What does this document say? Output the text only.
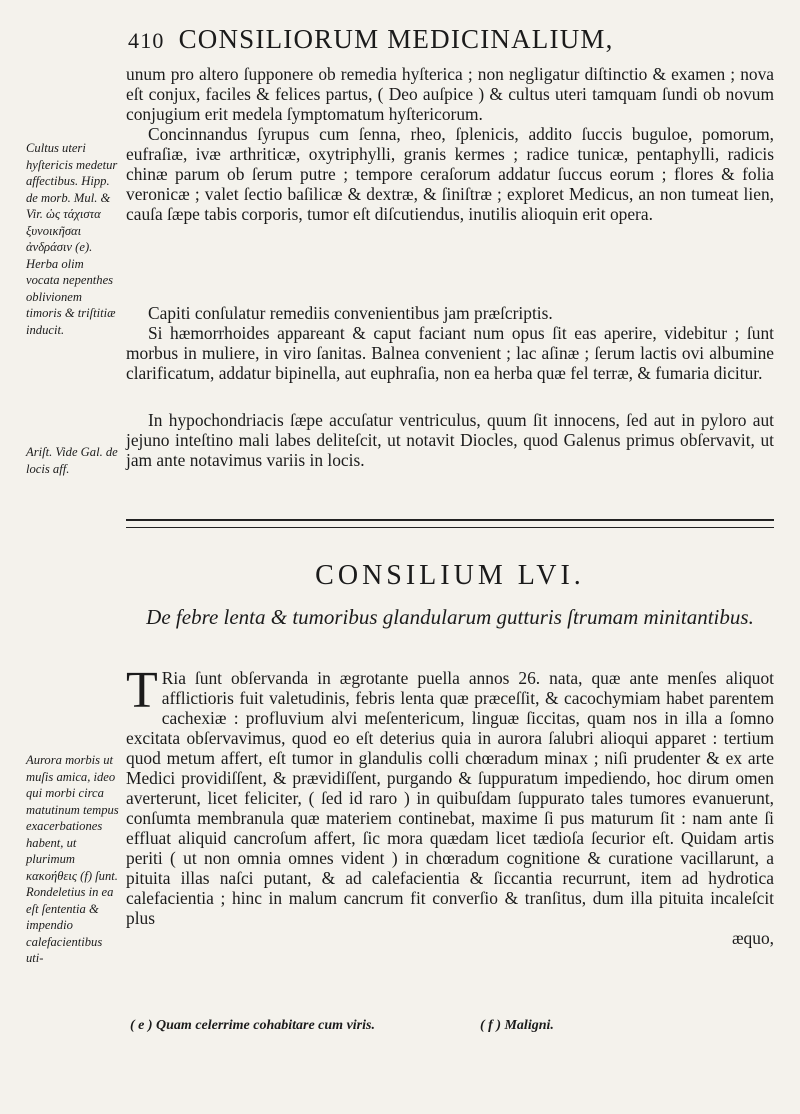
410 CONSILIORUM MEDICINALIUM,
Cultus uteri hyſtericis medetur affectibus. Hipp. de morb. Mul. & Vir. ὡς τάχιστα ξυνοικῆσαι ἀνδράσιν (e). Herba olim vocata nepenthes oblivionem timoris & triſtitiæ inducit.

unum pro altero ſupponere ob remedia hyſterica ; non negligatur diſtinctio & examen ; nova eſt conjux, faciles & felices partus, ( Deo auſpice ) & cultus uteri tamquam ſundi ob novum conjugium erit medela ſymptomatum hyſtericorum.

Concinnandus ſyrupus cum ſenna, rheo, ſplenicis, addito ſuccis buguloe, pomorum, eufraſiæ, ivæ arthriticæ, oxytriphylli, granis kermes ; radice tunicæ, pentaphylli, radicis chinæ parum ob ſerum putre ; tempore ceraſorum addatur ſuccus eorum ; flores & folia veronicæ ; valet ſectio baſilicæ & dextræ, & ſiniſtræ ; exploret Medicus, an non tumeat lien, cauſa ſæpe tabis corporis, tumor eſt diſcutiendus, inutilis alioquin erit opera.

Capiti conſulatur remediis convenientibus jam præſcriptis.

Si hæmorrhoides appareant & caput faciant num opus ſit eas aperire, videbitur ; ſunt morbus in muliere, in viro ſanitas. Balnea convenient ; lac aſinæ ; ſerum lactis ovi albumine clarificatum, addatur bipinella, aut euphraſia, non ea herba quæ fel terræ, & fumaria dicitur.

Ariſt. Vide Gal. de locis aff.

In hypochondriacis ſæpe accuſatur ventriculus, quum ſit innocens, ſed aut in pyloro aut jejuno inteſtino mali labes deliteſcit, ut notavit Diocles, quod Galenus primus obſervavit, ut jam ante notavimus variis in locis.

CONSILIUM LVI.
De febre lenta & tumoribus glandularum gutturis ſtrumam minitantibus.
Aurora morbis ut muſis amica, ideo qui morbi circa matutinum tempus exacerbationes habent, ut plurimum κακοήθεις (f) ſunt. Rondeletius in ea eſt ſententia & impendio calefacientibus uti-

T Ria ſunt obſervanda in ægrotante puella annos 26. nata, quæ ante menſes aliquot afflictioris fuit valetudinis, febris lenta quæ præceſſit, & cacochymiam habet parentem cachexiæ : profluvium alvi meſentericum, linguæ ſiccitas, quam nos in illa a ſomno excitata obſervavimus, quod eo eſt deterius quia in aurora ſalubri alioqui apparet : tertium quod metum affert, eſt tumor in glandulis colli chœradum minax ; niſi prudenter & ex arte Medici providiſſent, & prævidiſſent, purgando & ſuppuratum impediendo, hoc dirum omen averterunt, licet feliciter, ( ſed id raro ) in quibuſdam ſuppurato tales tumores evanuerunt, conſumta membranula quæ materiem continebat, maxime ſi pus maturum ſit : nam ante ſi effluat aliquid cancroſum affert, ſic mora quædam licet tædioſa ſecurior eſt. Quidam artis periti ( ut non omnia omnes vident ) in chœradum cognitione & curatione vacillarunt, a pituita illas naſci putant, & ad calefacientia & ſiccantia recurrunt, item ad hydrotica calefacientia ; hinc in malum cancrum fit converſio & tranſitus, dum illa pituita incaleſcit plus

æquo,
( e ) Quam celerrime cohabitare cum viris.	( f ) Maligni.
